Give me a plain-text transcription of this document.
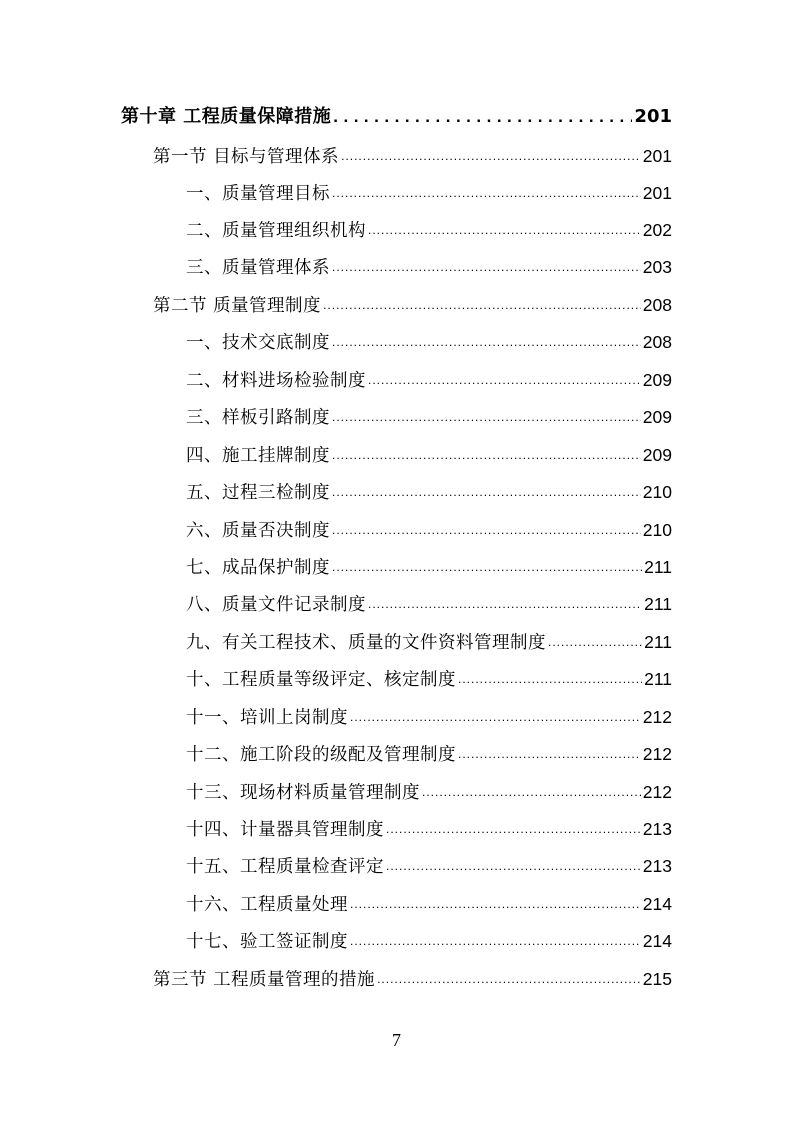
第十章 工程质量保障措施 .....	201
第一节 目标与管理体系 .....	201
一、质量管理目标 .....	201
二、质量管理组织机构 .....	202
三、质量管理体系 .....	203
第二节 质量管理制度 .....	208
一、技术交底制度 .....	208
二、材料进场检验制度 .....	209
三、样板引路制度 .....	209
四、施工挂牌制度 .....	209
五、过程三检制度 .....	210
六、质量否决制度 .....	210
七、成品保护制度 .....	211
八、质量文件记录制度 .....	211
九、有关工程技术、质量的文件资料管理制度 .....	211
十、工程质量等级评定、核定制度 .....	211
十一、培训上岗制度 .....	212
十二、施工阶段的级配及管理制度 .....	212
十三、现场材料质量管理制度 .....	212
十四、计量器具管理制度 .....	213
十五、工程质量检查评定 .....	213
十六、工程质量处理 .....	214
十七、验工签证制度 .....	214
第三节 工程质量管理的措施 .....	215
7
